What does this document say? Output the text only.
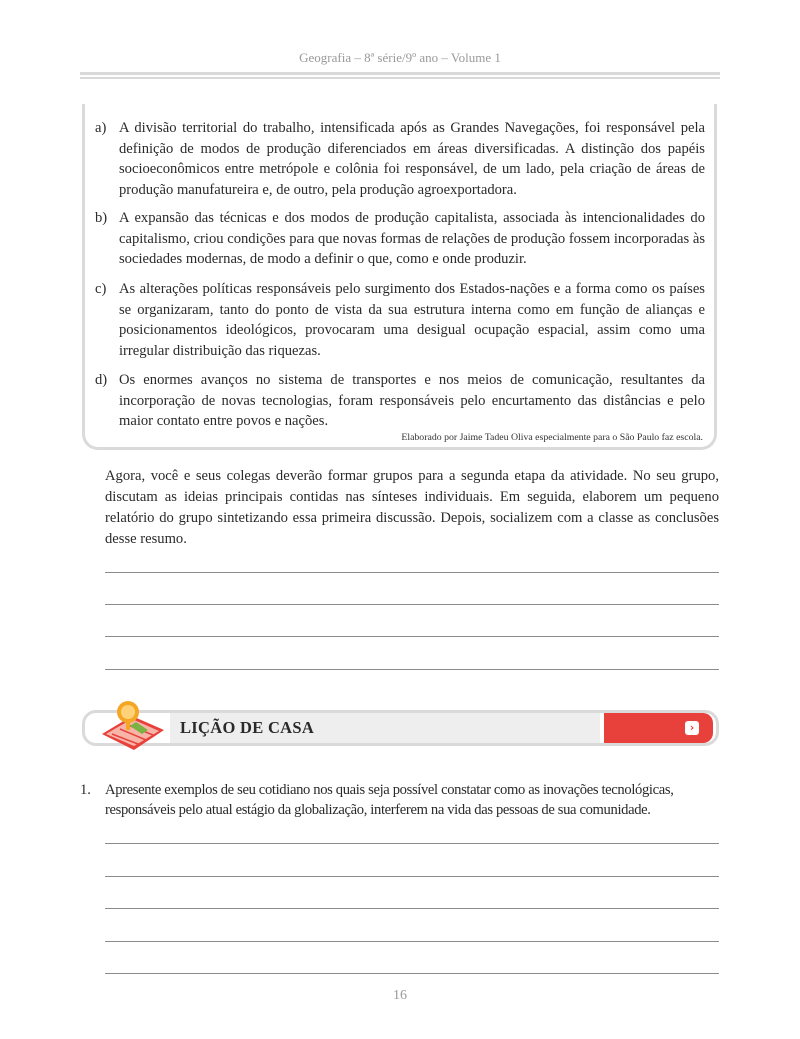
Geografia – 8ª série/9º ano – Volume 1
a) A divisão territorial do trabalho, intensificada após as Grandes Navegações, foi responsável pela definição de modos de produção diferenciados em áreas diversificadas. A distinção dos papéis socioeconômicos entre metrópole e colônia foi responsável, de um lado, pela criação de áreas de produção manufatureira e, de outro, pela produção agroexportadora.
b) A expansão das técnicas e dos modos de produção capitalista, associada às intencionalidades do capitalismo, criou condições para que novas formas de relações de produção fossem incorporadas às sociedades modernas, de modo a definir o que, como e onde produzir.
c) As alterações políticas responsáveis pelo surgimento dos Estados-nações e a forma como os países se organizaram, tanto do ponto de vista da sua estrutura interna como em função de alianças e posicionamentos ideológicos, provocaram uma desigual ocupação espacial, assim como uma irregular distribuição das riquezas.
d) Os enormes avanços no sistema de transportes e nos meios de comunicação, resultantes da incorporação de novas tecnologias, foram responsáveis pelo encurtamento das distâncias e pelo maior contato entre povos e nações.
Elaborado por Jaime Tadeu Oliva especialmente para o São Paulo faz escola.
Agora, você e seus colegas deverão formar grupos para a segunda etapa da atividade. No seu grupo, discutam as ideias principais contidas nas sínteses individuais. Em seguida, elaborem um pequeno relatório do grupo sintetizando essa primeira discussão. Depois, socializem com a classe as conclusões desse resumo.
LIÇÃO DE CASA	›
1. Apresente exemplos de seu cotidiano nos quais seja possível constatar como as inovações tecnológicas, responsáveis pelo atual estágio da globalização, interferem na vida das pessoas de sua comunidade.
16
